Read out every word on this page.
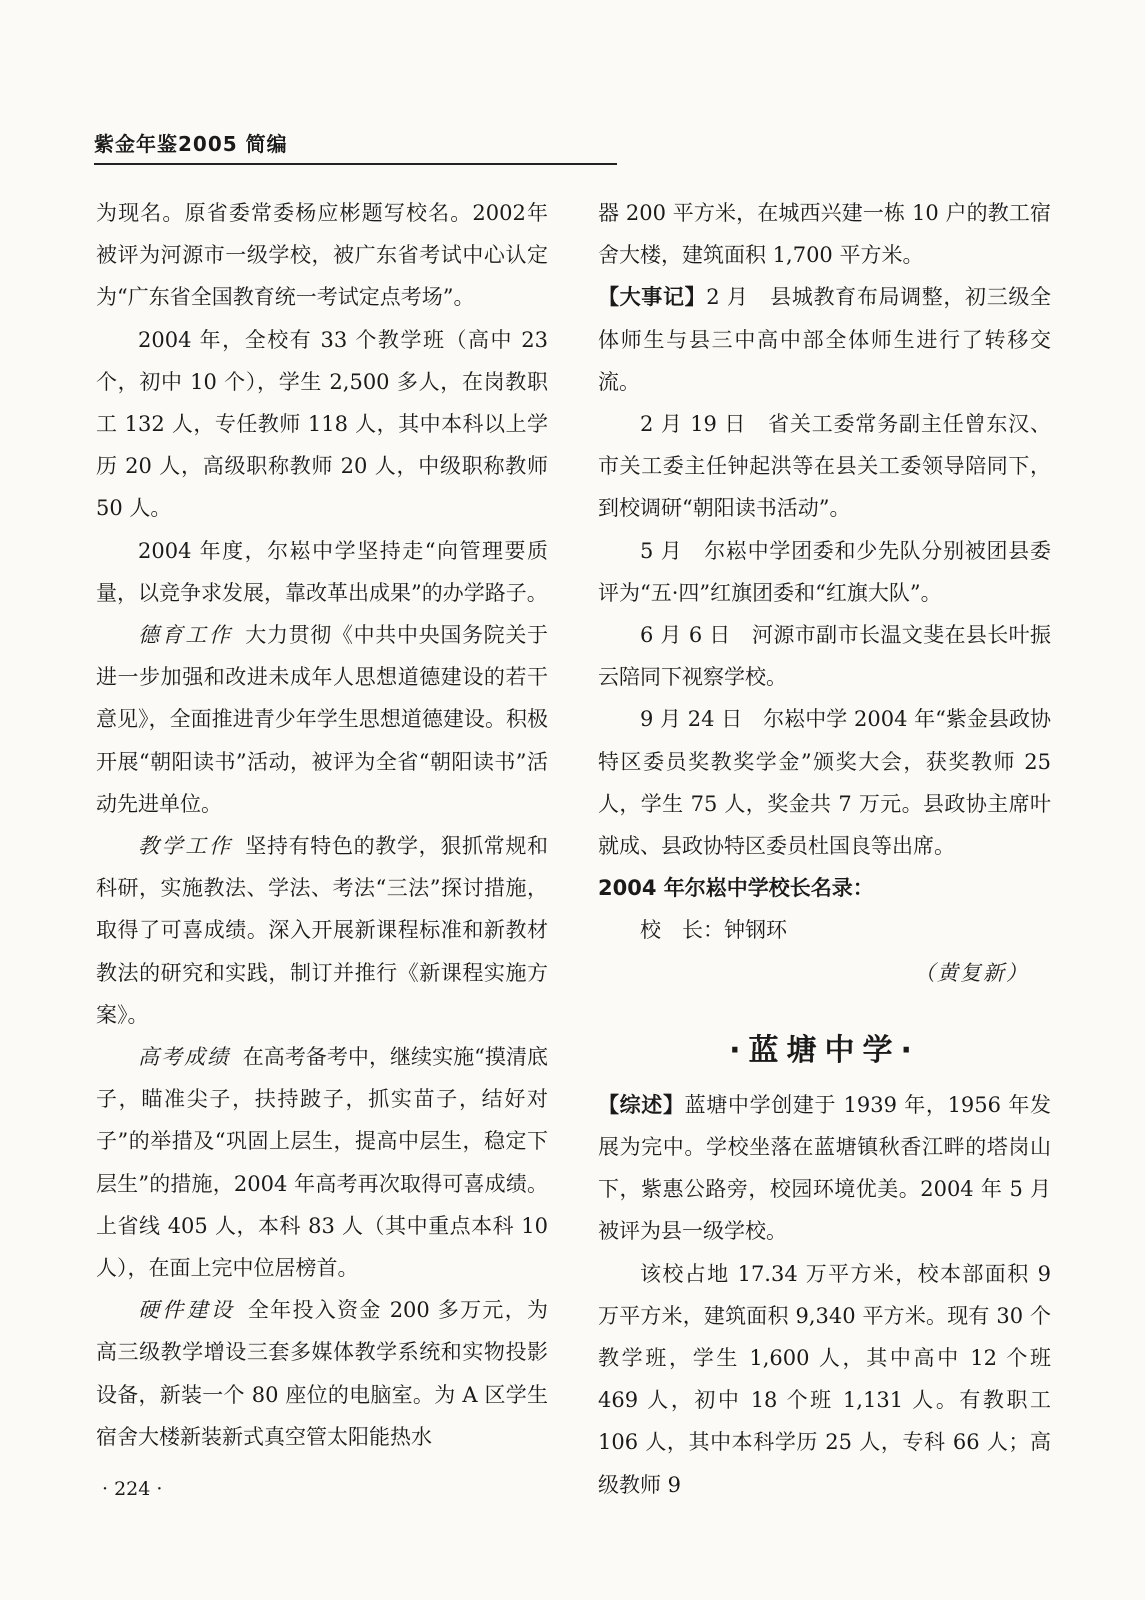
紫金年鉴2005 简编

为现名。原省委常委杨应彬题写校名。2002年被评为河源市一级学校，被广东省考试中心认定为“广东省全国教育统一考试定点考场”。

2004 年，全校有 33 个教学班（高中 23 个，初中 10 个），学生 2,500 多人，在岗教职工 132 人，专任教师 118 人，其中本科以上学历 20 人，高级职称教师 20 人，中级职称教师 50 人。

2004 年度，尔崧中学坚持走“向管理要质量，以竞争求发展，靠改革出成果”的办学路子。

德育工作 大力贯彻《中共中央国务院关于进一步加强和改进未成年人思想道德建设的若干意见》，全面推进青少年学生思想道德建设。积极开展“朝阳读书”活动，被评为全省“朝阳读书”活动先进单位。

教学工作 坚持有特色的教学，狠抓常规和科研，实施教法、学法、考法“三法”探讨措施，取得了可喜成绩。深入开展新课程标准和新教材教法的研究和实践，制订并推行《新课程实施方案》。

高考成绩 在高考备考中，继续实施“摸清底子，瞄准尖子，扶持跛子，抓实苗子，结好对子”的举措及“巩固上层生，提高中层生，稳定下层生”的措施，2004 年高考再次取得可喜成绩。上省线 405 人，本科 83 人（其中重点本科 10 人），在面上完中位居榜首。

硬件建设 全年投入资金 200 多万元，为高三级教学增设三套多媒体教学系统和实物投影设备，新装一个 80 座位的电脑室。为 A 区学生宿舍大楼新装新式真空管太阳能热水

器 200 平方米，在城西兴建一栋 10 户的教工宿舍大楼，建筑面积 1,700 平方米。

【大事记】2 月　县城教育布局调整，初三级全体师生与县三中高中部全体师生进行了转移交流。

2 月 19 日　省关工委常务副主任曾东汉、市关工委主任钟起洪等在县关工委领导陪同下，到校调研“朝阳读书活动”。

5 月　尔崧中学团委和少先队分别被团县委评为“五·四”红旗团委和“红旗大队”。

6 月 6 日　河源市副市长温文斐在县长叶振云陪同下视察学校。

9 月 24 日　尔崧中学 2004 年“紫金县政协特区委员奖教奖学金”颁奖大会，获奖教师 25 人，学生 75 人，奖金共 7 万元。县政协主席叶就成、县政协特区委员杜国良等出席。

2004 年尔崧中学校长名录：

校　长：钟钢环

（黄复新）

·蓝塘中学·

【综述】蓝塘中学创建于 1939 年，1956 年发展为完中。学校坐落在蓝塘镇秋香江畔的塔岗山下，紫惠公路旁，校园环境优美。2004 年 5 月被评为县一级学校。

该校占地 17.34 万平方米，校本部面积 9 万平方米，建筑面积 9,340 平方米。现有 30 个教学班，学生 1,600 人，其中高中 12 个班 469 人，初中 18 个班 1,131 人。有教职工 106 人，其中本科学历 25 人，专科 66 人；高级教师 9

· 224 ·
